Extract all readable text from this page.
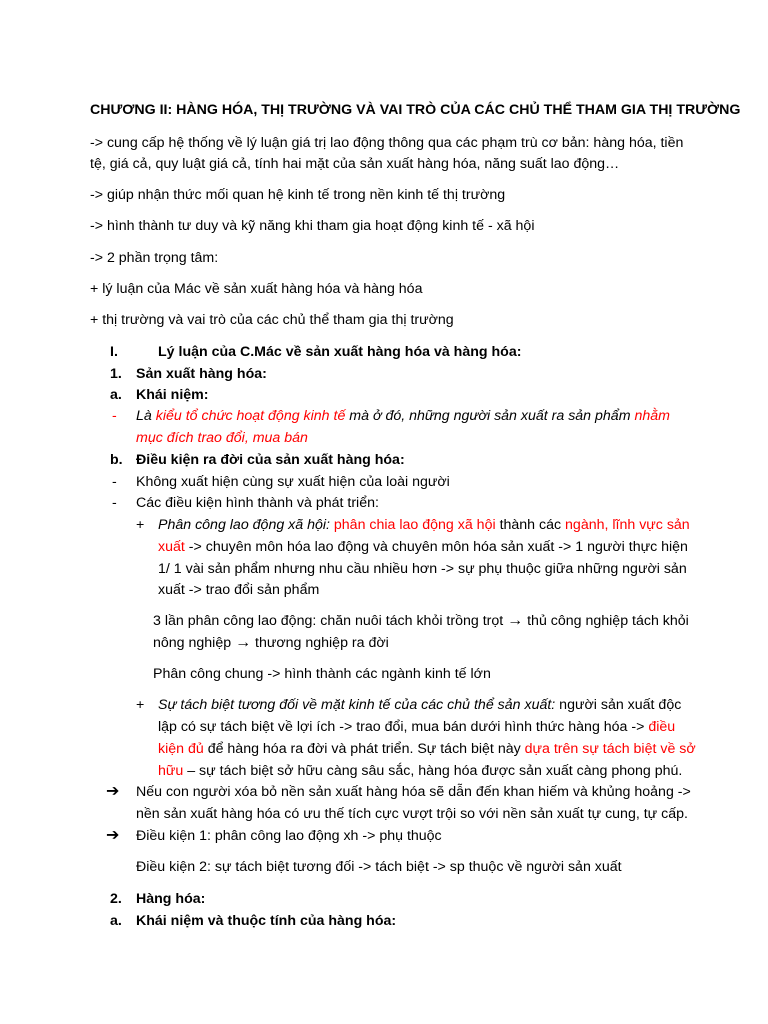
CHƯƠNG II: HÀNG HÓA, THỊ TRƯỜNG VÀ VAI TRÒ CỦA CÁC CHỦ THỂ THAM GIA THỊ TRƯỜNG
-> cung cấp hệ thống về lý luận giá trị lao động thông qua các phạm trù cơ bản: hàng hóa, tiền
tệ, giá cả, quy luật giá cả, tính hai mặt của sản xuất hàng hóa, năng suất lao động…
-> giúp nhận thức mối quan hệ kinh tế trong nền kinh tế thị trường
-> hình thành tư duy và kỹ năng khi tham gia hoạt động kinh tế - xã hội
-> 2 phần trọng tâm:
+ lý luận của Mác về sản xuất hàng hóa và hàng hóa
+ thị trường và vai trò của các chủ thể tham gia thị trường
I.	Lý luận của C.Mác về sản xuất hàng hóa và hàng hóa:
1. Sản xuất hàng hóa:
a. Khái niệm:
- Là kiểu tổ chức hoạt động kinh tế mà ở đó, những người sản xuất ra sản phẩm nhằm
mục đích trao đổi, mua bán
b. Điều kiện ra đời của sản xuất hàng hóa:
- Không xuất hiện cùng sự xuất hiện của loài người
- Các điều kiện hình thành và phát triển:
+ Phân công lao động xã hội: phân chia lao động xã hội thành các ngành, lĩnh vực sản
xuất -> chuyên môn hóa lao động và chuyên môn hóa sản xuất -> 1 người thực hiện
1/ 1 vài sản phẩm nhưng nhu cầu nhiều hơn -> sự phụ thuộc giữa những người sản
xuất -> trao đổi sản phẩm
3 lần phân công lao động: chăn nuôi tách khỏi trồng trọt → thủ công nghiệp tách khỏi
nông nghiệp → thương nghiệp ra đời
Phân công chung -> hình thành các ngành kinh tế lớn
+ Sự tách biệt tương đối về mặt kinh tế của các chủ thể sản xuất: người sản xuất độc
lập có sự tách biệt về lợi ích -> trao đổi, mua bán dưới hình thức hàng hóa -> điều
kiện đủ để hàng hóa ra đời và phát triển. Sự tách biệt này dựa trên sự tách biệt về sở
hữu – sự tách biệt sở hữu càng sâu sắc, hàng hóa được sản xuất càng phong phú.
➔ Nếu con người xóa bỏ nền sản xuất hàng hóa sẽ dẫn đến khan hiếm và khủng hoảng ->
nền sản xuất hàng hóa có ưu thế tích cực vượt trội so với nền sản xuất tự cung, tự cấp.
➔ Điều kiện 1: phân công lao động xh -> phụ thuộc
Điều kiện 2: sự tách biệt tương đối -> tách biệt -> sp thuộc về người sản xuất
2. Hàng hóa:
a. Khái niệm và thuộc tính của hàng hóa:
